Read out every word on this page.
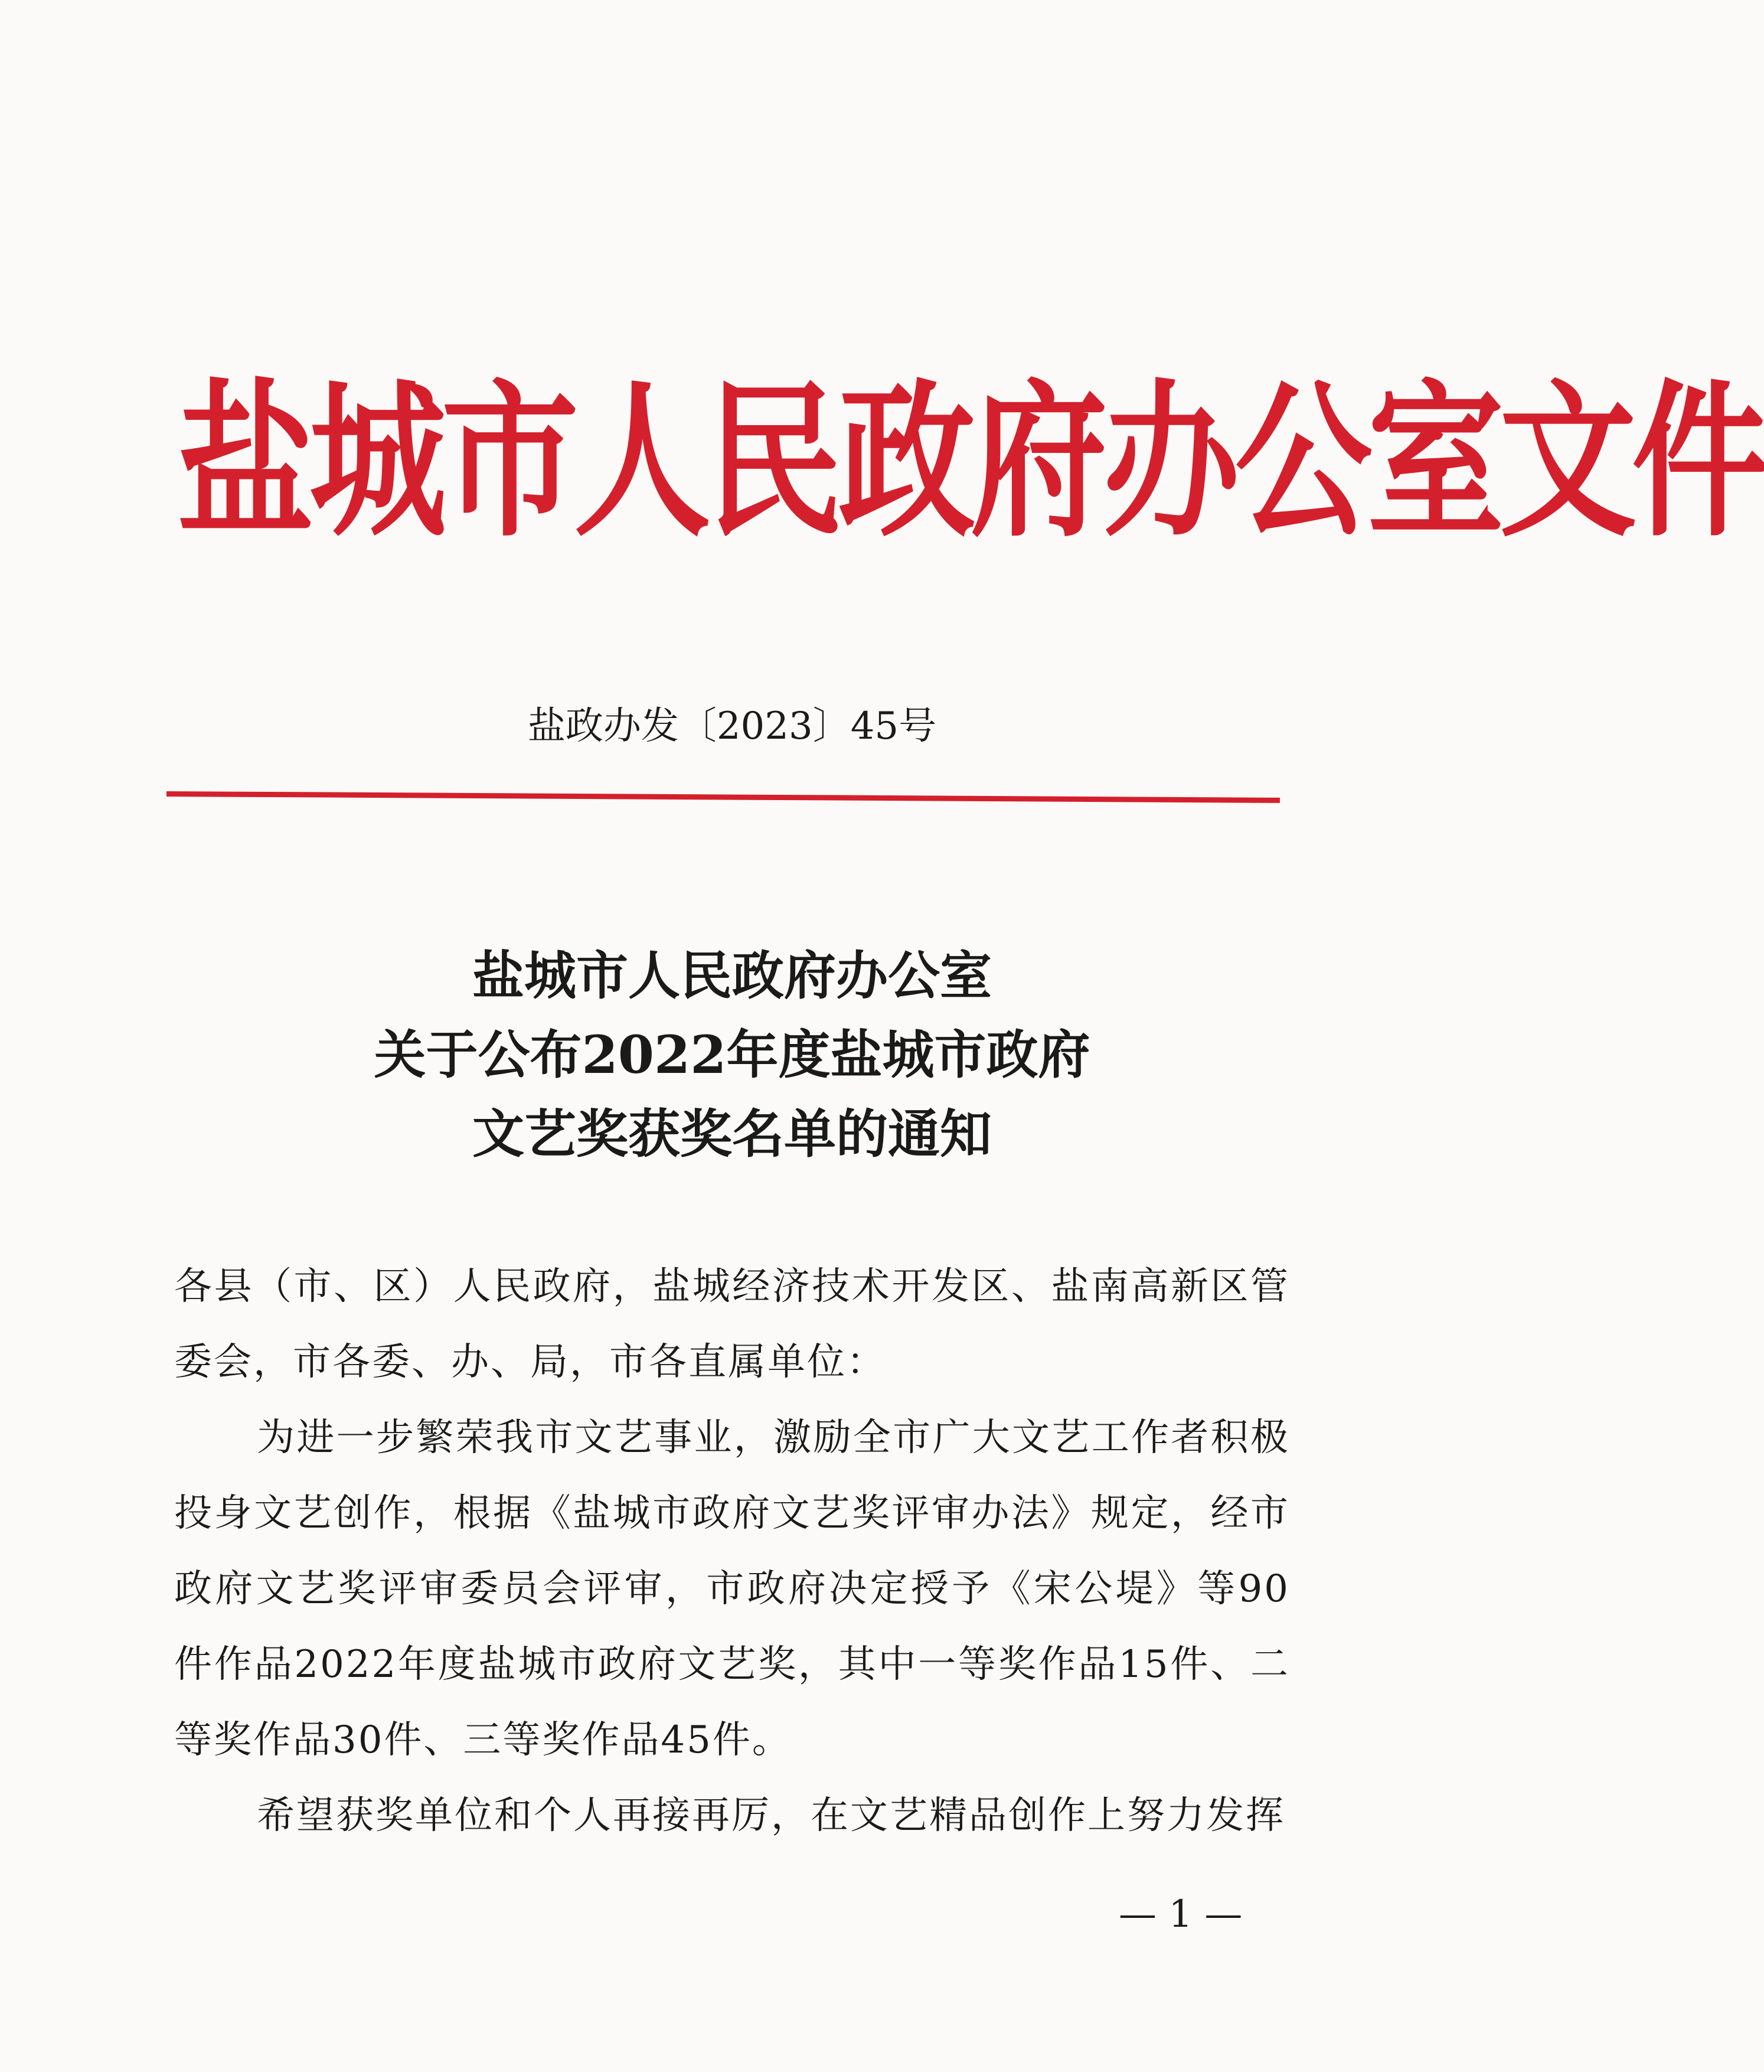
盐城市人民政府办公室文件
盐政办发〔2023〕45号
盐城市人民政府办公室
关于公布2022年度盐城市政府
文艺奖获奖名单的通知

各县（市、区）人民政府，盐城经济技术开发区、盐南高新区管委会，市各委、办、局，市各直属单位：

为进一步繁荣我市文艺事业，激励全市广大文艺工作者积极投身文艺创作，根据《盐城市政府文艺奖评审办法》规定，经市政府文艺奖评审委员会评审，市政府决定授予《宋公堤》等90件作品2022年度盐城市政府文艺奖，其中一等奖作品15件、二等奖作品30件、三等奖作品45件。

希望获奖单位和个人再接再厉，在文艺精品创作上努力发挥

— 1 —
